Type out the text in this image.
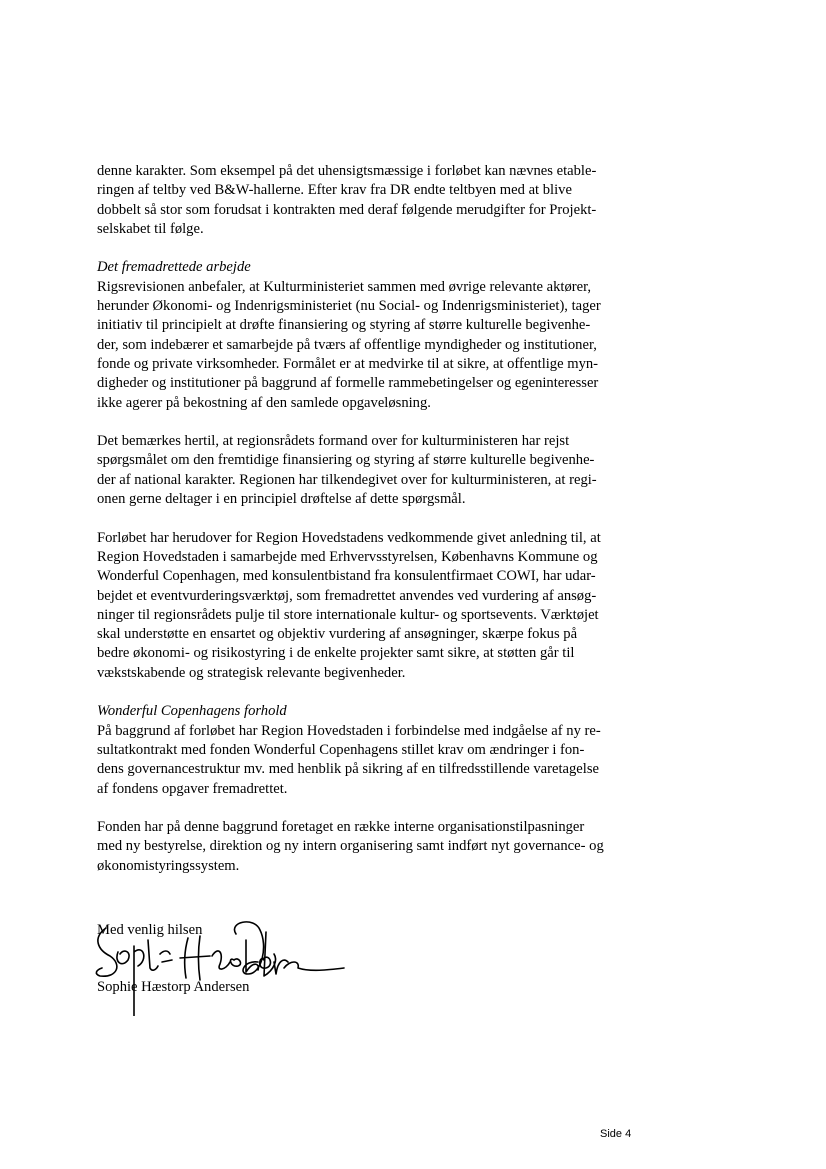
denne karakter. Som eksempel på det uhensigtsmæssige i forløbet kan nævnes etable-
ringen af teltby ved B&W-hallerne. Efter krav fra DR endte teltbyen med at blive
dobbelt så stor som forudsat i kontrakten med deraf følgende merudgifter for Projekt-
selskabet til følge.

Det fremadrettede arbejde
Rigsrevisionen anbefaler, at Kulturministeriet sammen med øvrige relevante aktører,
herunder Økonomi- og Indenrigsministeriet (nu Social- og Indenrigsministeriet), tager
initiativ til principielt at drøfte finansiering og styring af større kulturelle begivenhe-
der, som indebærer et samarbejde på tværs af offentlige myndigheder og institutioner,
fonde og private virksomheder. Formålet er at medvirke til at sikre, at offentlige myn-
digheder og institutioner på baggrund af formelle rammebetingelser og egeninteresser
ikke agerer på bekostning af den samlede opgaveløsning.

Det bemærkes hertil, at regionsrådets formand over for kulturministeren har rejst
spørgsmålet om den fremtidige finansiering og styring af større kulturelle begivenhe-
der af national karakter. Regionen har tilkendegivet over for kulturministeren, at regi-
onen gerne deltager i en principiel drøftelse af dette spørgsmål.

Forløbet har herudover for Region Hovedstadens vedkommende givet anledning til, at
Region Hovedstaden i samarbejde med Erhvervsstyrelsen, Københavns Kommune og
Wonderful Copenhagen, med konsulentbistand fra konsulentfirmaet COWI, har udar-
bejdet et eventvurderingsværktøj, som fremadrettet anvendes ved vurdering af ansøg-
ninger til regionsrådets pulje til store internationale kultur- og sportsevents. Værktøjet
skal understøtte en ensartet og objektiv vurdering af ansøgninger, skærpe fokus på
bedre økonomi- og risikostyring i de enkelte projekter samt sikre, at støtten går til
vækstskabende og strategisk relevante begivenheder.

Wonderful Copenhagens forhold
På baggrund af forløbet har Region Hovedstaden i forbindelse med indgåelse af ny re-
sultatkontrakt med fonden Wonderful Copenhagens stillet krav om ændringer i fon-
dens governancestruktur mv. med henblik på sikring af en tilfredsstillende varetagelse
af fondens opgaver fremadrettet.

Fonden har på denne baggrund foretaget en række interne organisationstilpasninger
med ny bestyrelse, direktion og ny intern organisering samt indført nyt governance- og
økonomistyringssystem.

Med venlig hilsen
Sophie Hæstorp Andersen
Side 4
